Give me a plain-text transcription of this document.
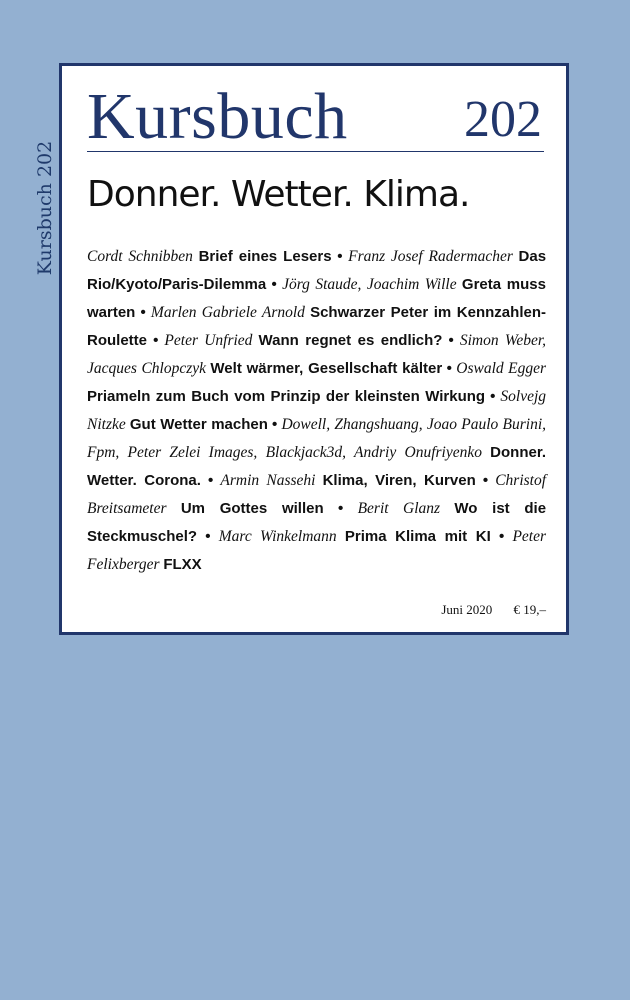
Kursbuch 202
Kursbuch 202
Donner. Wetter. Klima.
Cordt Schnibben Brief eines Lesers • Franz Josef Radermacher Das Rio/Kyoto/Paris-Dilemma • Jörg Staude, Joachim Wille Greta muss warten • Marlen Gabriele Arnold Schwarzer Peter im Kennzahlen-Roulette • Peter Unfried Wann regnet es endlich? • Simon Weber, Jacques Chlopczyk Welt wärmer, Gesellschaft kälter • Oswald Egger Priameln zum Buch vom Prinzip der kleinsten Wirkung • Solvejg Nitzke Gut Wetter machen • Dowell, Zhangshuang, Joao Paulo Burini, Fpm, Peter Zelei Images, Blackjack3d, Andriy Onufriyenko Donner. Wetter. Corona. • Armin Nassehi Klima, Viren, Kurven • Christof Breitsameter Um Gottes willen • Berit Glanz Wo ist die Steckmuschel? • Marc Winkelmann Prima Klima mit KI • Peter Felixberger FLXX
Juni 2020 € 19,–
